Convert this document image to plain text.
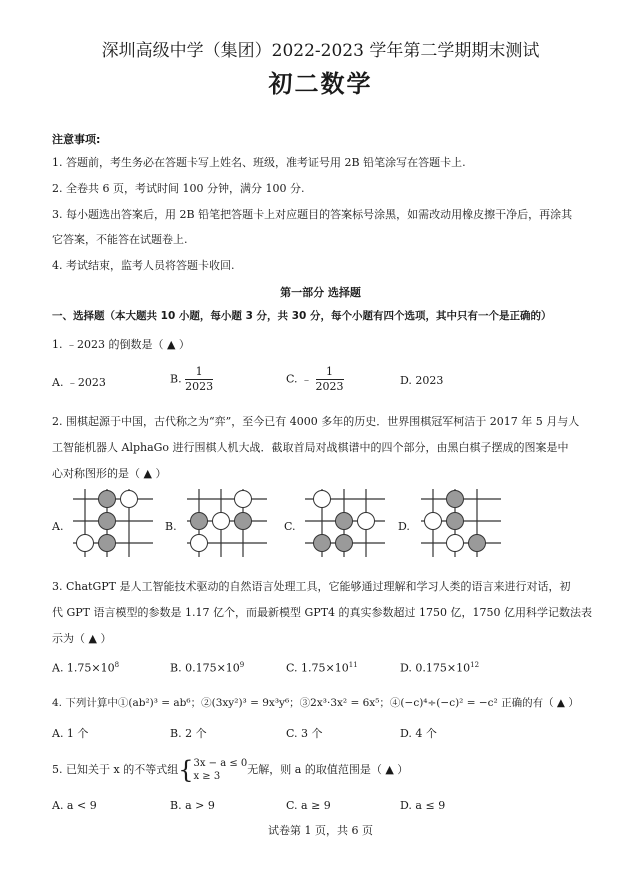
深圳高级中学（集团）2022-2023 学年第二学期期末测试
初二数学
注意事项:
1. 答题前，考生务必在答题卡写上姓名、班级，准考证号用 2B 铅笔涂写在答题卡上.
2. 全卷共 6 页，考试时间 100 分钟，满分 100 分.
3. 每小题选出答案后，用 2B 铅笔把答题卡上对应题目的答案标号涂黑，如需改动用橡皮擦干净后，再涂其
它答案，不能答在试题卷上.
4. 考试结束，监考人员将答题卡收回.
第一部分 选择题
一、选择题（本大题共 10 小题，每小题 3 分，共 30 分，每个小题有四个选项，其中只有一个是正确的）
1. ﹣2023 的倒数是（ ▲ ）
A. ﹣2023	B. $\frac{1}{2023}$	C. ﹣ $\frac{1}{2023}$	D. 2023
2. 围棋起源于中国，古代称之为“弈”，至今已有 4000 多年的历史．世界围棋冠军柯洁于 2017 年 5 月与人
工智能机器人 AlphaGo 进行围棋人机大战．截取首局对战棋谱中的四个部分，由黑白棋子摆成的图案是中
心对称图形的是（ ▲ ）
A.	B.	C.	D.
3. ChatGPT 是人工智能技术驱动的自然语言处理工具，它能够通过理解和学习人类的语言来进行对话，初
代 GPT 语言模型的参数是 1.17 亿个，而最新模型 GPT4 的真实参数超过 1750 亿，1750 亿用科学记数法表
示为（ ▲ ）
A. $1.75\times 10^8$	B. $0.175\times 10^9$	C. $1.75\times 10^{11}$	D. $0.175\times 10^{12}$
4. 下列计算中①(ab²)³ = ab⁶；②(3xy²)³ = 9x³y⁶；③2x³·3x² = 6x⁵；④(−c)⁴÷(−c)² = −c² 正确的有（ ▲ ）
A. 1 个	B. 2 个	C. 3 个	D. 4 个
5. 已知关于 x 的不等式组{ 3x − a ≤ 0
x ≥ 3
无解，则 a 的取值范围是（ ▲ ）
A. a < 9	B. a > 9	C. a ≥ 9	D. a ≤ 9
试卷第 1 页，共 6 页
